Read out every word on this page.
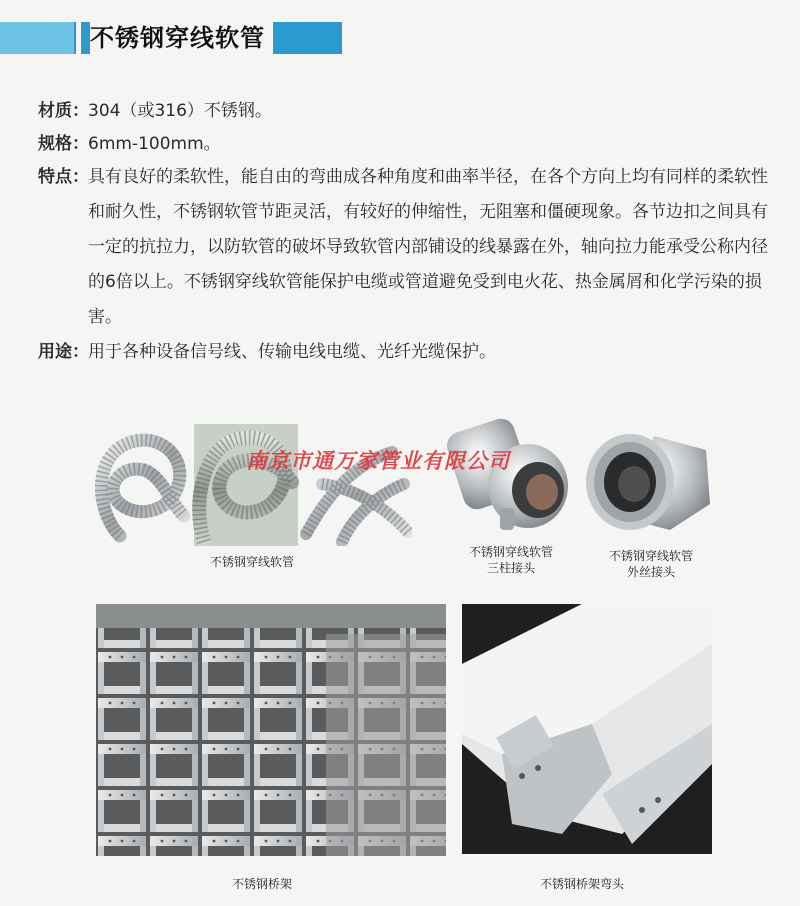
不锈钢穿线软管
材质 ： 304（或316）不锈钢。
规格 ： 6mm-100mm。
特点 ： 具有良好的柔软性，能自由的弯曲成各种角度和曲率半径，在各个方向上均有同样的柔软性和耐久性，不锈钢软管节距灵活，有较好的伸缩性，无阻塞和僵硬现象。各节边扣之间具有一定的抗拉力，以防软管的破坏导致软管内部铺设的线暴露在外，轴向拉力能承受公称内径的6倍以上。不锈钢穿线软管能保护电缆或管道避免受到电火花、热金属屑和化学污染的损害。
用途 ： 用于各种设备信号线、传输电线电缆、光纤光缆保护。
南京市通万家管业有限公司
不锈钢穿线软管
不锈钢穿线软管
三柱接头
不锈钢穿线软管
外丝接头
不锈钢桥架	不锈钢桥架弯头
